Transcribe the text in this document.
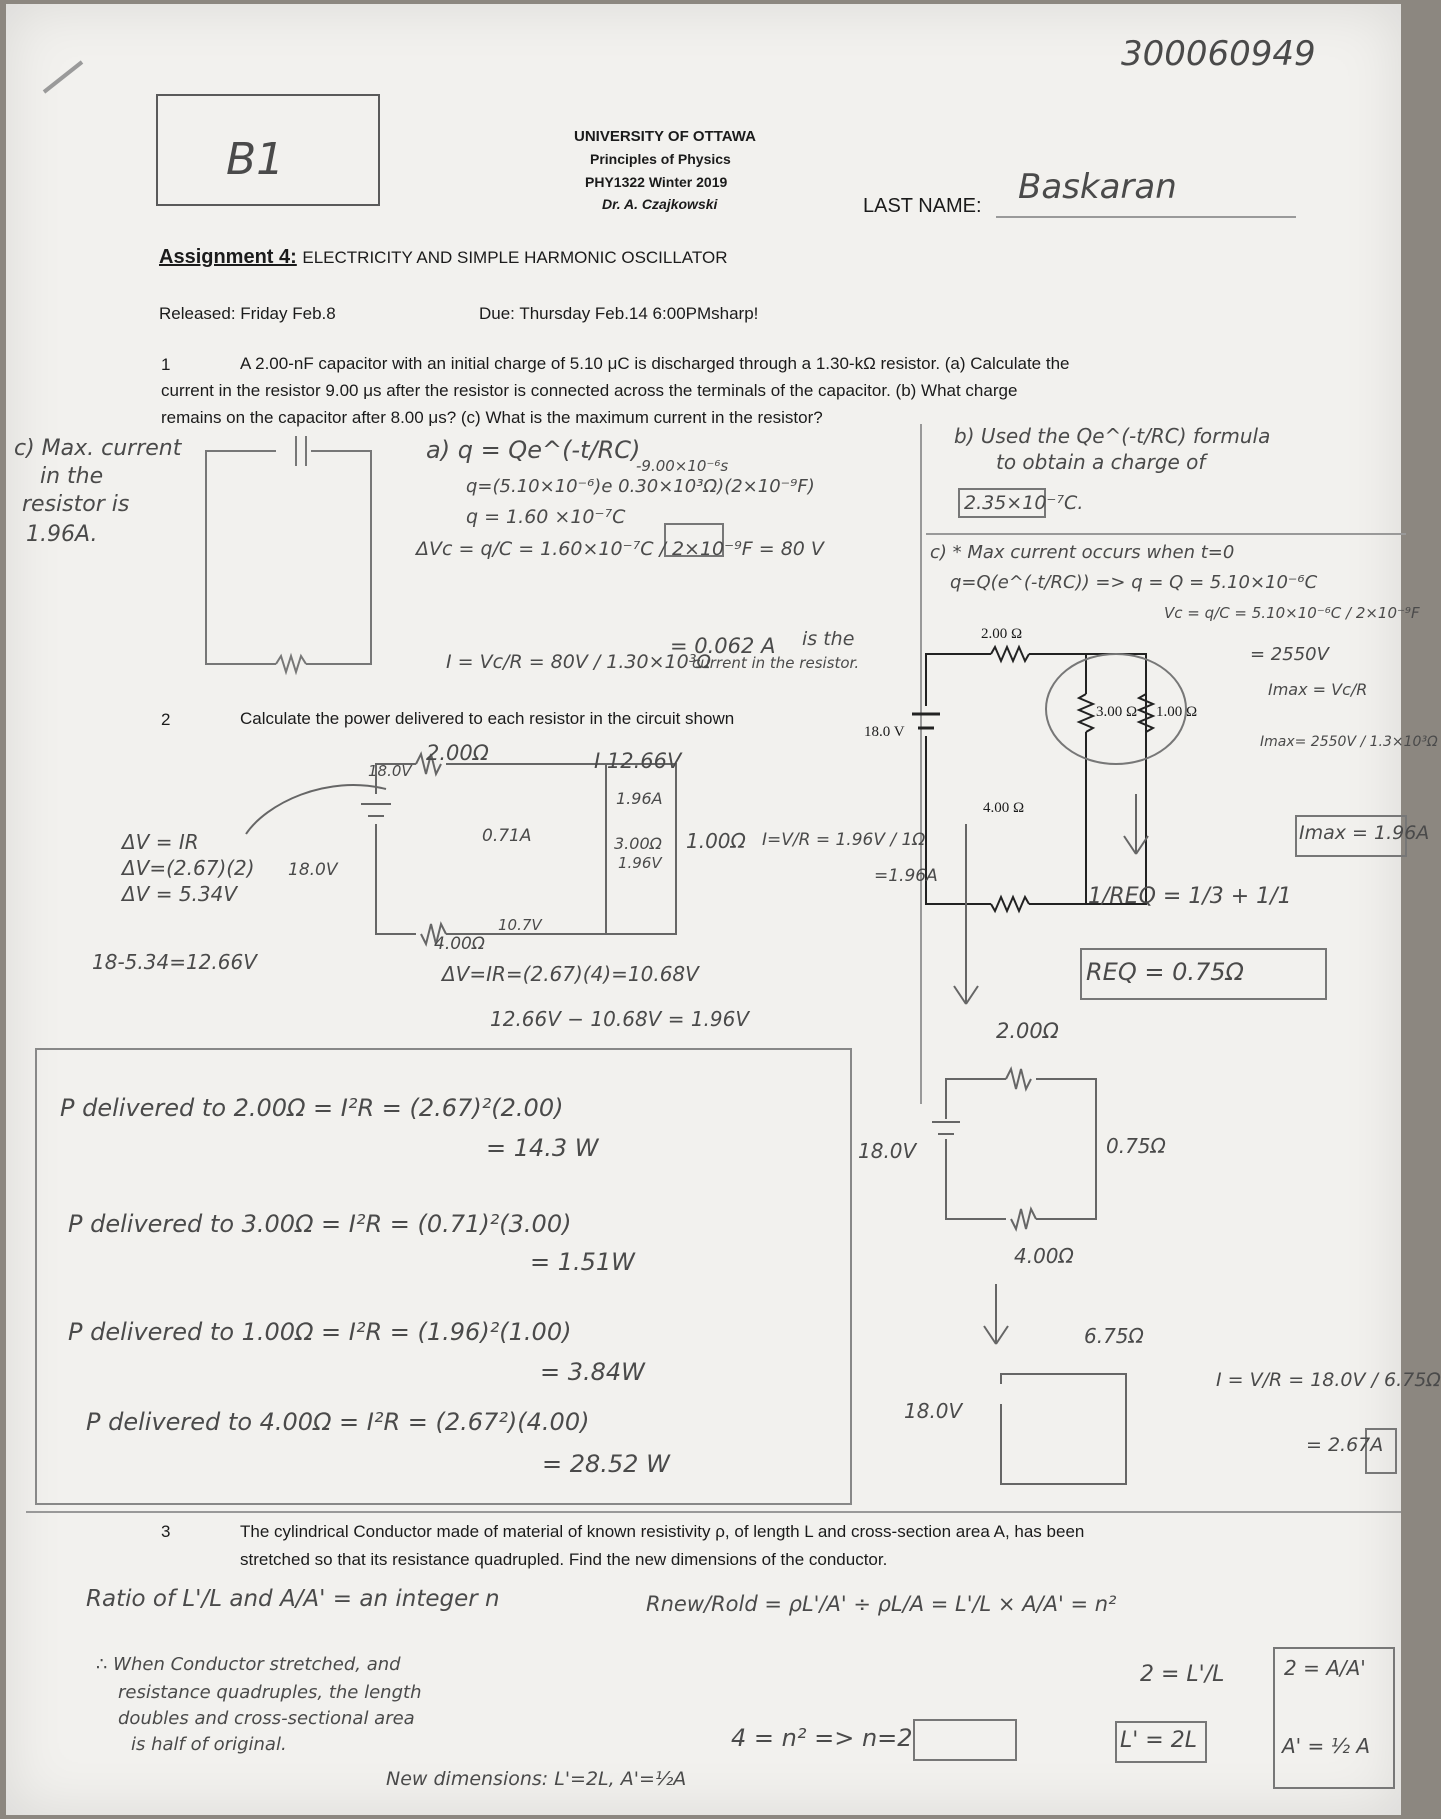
300060949
B1	UNIVERSITY OF OTTAWA
Principles of Physics
PHY1322 Winter 2019
Dr. A. Czajkowski	LAST NAME: Baskaran
Assignment 4: ELECTRICITY AND SIMPLE HARMONIC OSCILLATOR
Released: Friday Feb.8	Due: Thursday Feb.14 6:00PMsharp!
1	A 2.00-nF capacitor with an initial charge of 5.10 μC is discharged through a 1.30-kΩ resistor. (a) Calculate the
current in the resistor 9.00 μs after the resistor is connected across the terminals of the capacitor. (b) What charge
remains on the capacitor after 8.00 μs? (c) What is the maximum current in the resistor?
c) Max. current
in the
resistor is
1.96A.
a) q = Qe^(-t/RC)
-9.00×10⁻⁶s
q=(5.10×10⁻⁶)e 0.30×10³Ω)(2×10⁻⁹F)
q = 1.60 ×10⁻⁷C
ΔVc = q/C = 1.60×10⁻⁷C / 2×10⁻⁹F = 80 V
I = Vc/R = 80V / 1.30×10³Ω
= 0.062 A is the
current in the resistor.
b) Used the Qe^(-t/RC) formula
to obtain a charge of
2.35×10⁻⁷C.
c) * Max current occurs when t=0
q=Q(e^(-t/RC)) => q = Q = 5.10×10⁻⁶C
Vc = q/C = 5.10×10⁻⁶C / 2×10⁻⁹F
= 2550V
Imax = Vc/R
Imax= 2550V / 1.3×10³Ω
Imax = 1.96A
2	Calculate the power delivered to each resistor in the circuit shown
18.0 V
2.00 Ω
3.00 Ω 1.00 Ω
4.00 Ω
ΔV = IR
ΔV=(2.67)(2)
ΔV = 5.34V
18-5.34=12.66V
18.0V
2.00Ω	I 12.66V
1.96A
0.71A	3.00Ω
1.96V
1.00Ω I=V/R = 1.96V / 1Ω
=1.96A
18.0V
10.7V
4.00Ω
ΔV=IR=(2.67)(4)=10.68V
12.66V − 10.68V = 1.96V
P delivered to 2.00Ω = I²R = (2.67)²(2.00)
= 14.3 W
P delivered to 3.00Ω = I²R = (0.71)²(3.00)
= 1.51W
P delivered to 1.00Ω = I²R = (1.96)²(1.00)
= 3.84W
P delivered to 4.00Ω = I²R = (2.67²)(4.00)
= 28.52 W
1/REQ = 1/3 + 1/1
REQ = 0.75Ω
2.00Ω
18.0V	0.75Ω
4.00Ω
6.75Ω
18.0V
I = V/R = 18.0V / 6.75Ω
= 2.67A
3	The cylindrical Conductor made of material of known resistivity ρ, of length L and cross-section area A, has been
stretched so that its resistance quadrupled. Find the new dimensions of the conductor.
Ratio of L'/L and A/A' = an integer n	Rnew/Rold = ρL'/A' ÷ ρL/A = L'/L × A/A' = n²
4 = n² => n=2
∴ When Conductor stretched, and
resistance quadruples, the length
doubles and cross-sectional area
is half of original.
New dimensions: L'=2L, A'=½A
2 = L'/L
L' = 2L
2 = A/A'
A' = ½ A
